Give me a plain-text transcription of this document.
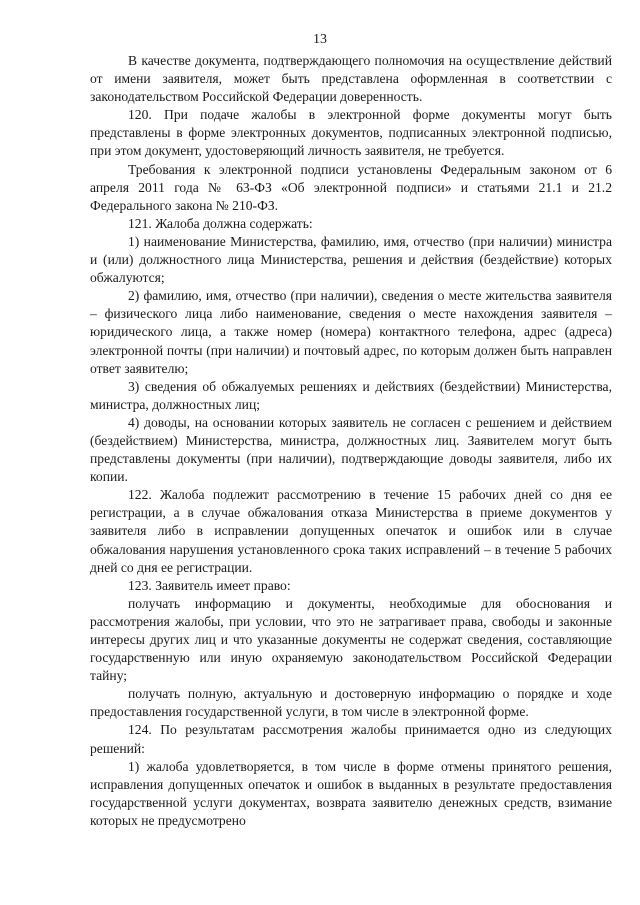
13

В качестве документа, подтверждающего полномочия на осуществление действий от имени заявителя, может быть представлена оформленная в соответствии с законодательством Российской Федерации доверенность.

120. При подаче жалобы в электронной форме документы могут быть представлены в форме электронных документов, подписанных электронной подписью, при этом документ, удостоверяющий личность заявителя, не требуется.

Требования к электронной подписи установлены Федеральным законом от 6 апреля 2011 года № 63-ФЗ «Об электронной подписи» и статьями 21.1 и 21.2 Федерального закона № 210-ФЗ.

121. Жалоба должна содержать:

1) наименование Министерства, фамилию, имя, отчество (при наличии) министра и (или) должностного лица Министерства, решения и действия (бездействие) которых обжалуются;

2) фамилию, имя, отчество (при наличии), сведения о месте жительства заявителя – физического лица либо наименование, сведения о месте нахождения заявителя – юридического лица, а также номер (номера) контактного телефона, адрес (адреса) электронной почты (при наличии) и почтовый адрес, по которым должен быть направлен ответ заявителю;

3) сведения об обжалуемых решениях и действиях (бездействии) Министерства, министра, должностных лиц;

4) доводы, на основании которых заявитель не согласен с решением и действием (бездействием) Министерства, министра, должностных лиц. Заявителем могут быть представлены документы (при наличии), подтверждающие доводы заявителя, либо их копии.

122. Жалоба подлежит рассмотрению в течение 15 рабочих дней со дня ее регистрации, а в случае обжалования отказа Министерства в приеме документов у заявителя либо в исправлении допущенных опечаток и ошибок или в случае обжалования нарушения установленного срока таких исправлений – в течение 5 рабочих дней со дня ее регистрации.

123. Заявитель имеет право:

получать информацию и документы, необходимые для обоснования и рассмотрения жалобы, при условии, что это не затрагивает права, свободы и законные интересы других лиц и что указанные документы не содержат сведения, составляющие государственную или иную охраняемую законодательством Российской Федерации тайну;

получать полную, актуальную и достоверную информацию о порядке и ходе предоставления государственной услуги, в том числе в электронной форме.

124. По результатам рассмотрения жалобы принимается одно из следующих решений:

1) жалоба удовлетворяется, в том числе в форме отмены принятого решения, исправления допущенных опечаток и ошибок в выданных в результате предоставления государственной услуги документах, возврата заявителю денежных средств, взимание которых не предусмотрено
